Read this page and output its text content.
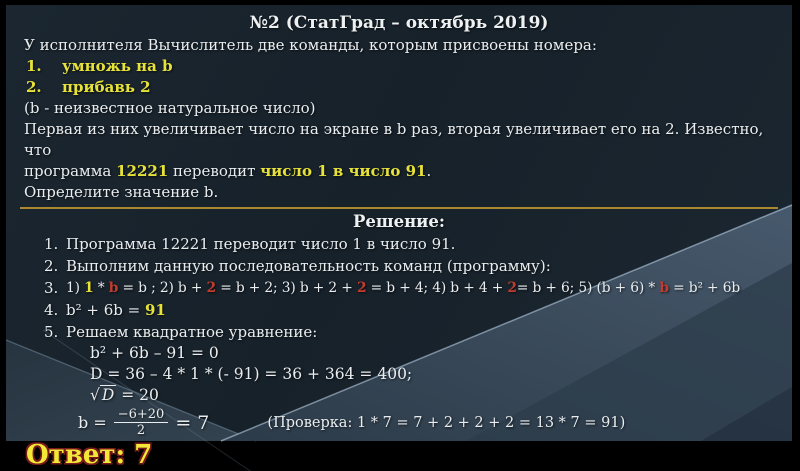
№2 (СтатГрад – октябрь 2019)
У исполнителя Вычислитель две команды, которым присвоены номера:
1.	умножь на b
2.	прибавь 2
(b - неизвестное натуральное число)
Первая из них увеличивает число на экране в b раз, вторая увеличивает его на 2. Известно, что
программа 12221 переводит число 1 в число 91.
Определите значение b.
Решение:
1. Программа 12221 переводит число 1 в число 91.
2. Выполним данную последовательность команд (программу):
3. 1) 1 * b = b ; 2) b + 2 = b + 2; 3) b + 2 + 2 = b + 4; 4) b + 4 + 2= b + 6; 5) (b + 6) * b = b² + 6b
4. b² + 6b = 91
5. Решаем квадратное уравнение:
b² + 6b – 91 = 0
D = 36 – 4 * 1 * (- 91) = 36 + 364 = 400;
√ D = 20
$b = \frac{-6+20}{2} = 7$	(Проверка: 1 * 7 = 7 + 2 + 2 + 2 = 13 * 7 = 91)
Ответ: 7
